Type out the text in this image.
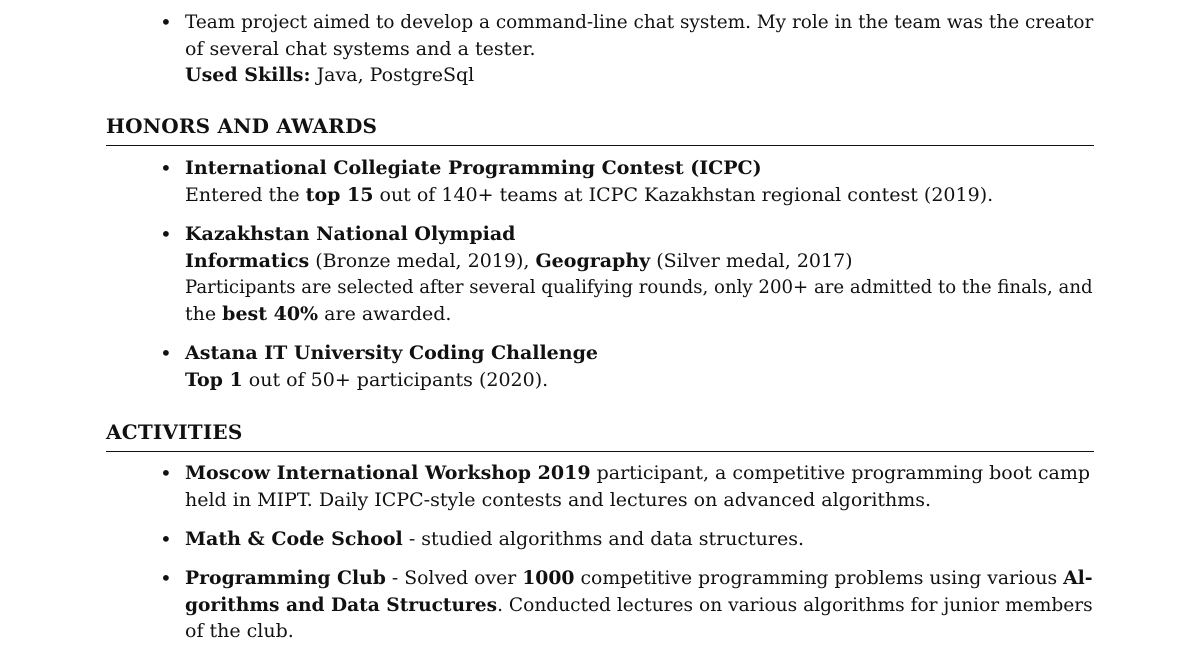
• Team project aimed to develop a command-line chat system. My role in the team was the creator
of several chat systems and a tester.
Used Skills: Java, PostgreSql
HONORS AND AWARDS
• International Collegiate Programming Contest (ICPC)
Entered the top 15 out of 140+ teams at ICPC Kazakhstan regional contest (2019).
• Kazakhstan National Olympiad
Informatics (Bronze medal, 2019), Geography (Silver medal, 2017)
Participants are selected after several qualifying rounds, only 200+ are admitted to the finals, and
the best 40% are awarded.
• Astana IT University Coding Challenge
Top 1 out of 50+ participants (2020).
ACTIVITIES
• Moscow International Workshop 2019 participant, a competitive programming boot camp
held in MIPT. Daily ICPC-style contests and lectures on advanced algorithms.
• Math & Code School - studied algorithms and data structures.
• Programming Club - Solved over 1000 competitive programming problems using various Al-
gorithms and Data Structures. Conducted lectures on various algorithms for junior members
of the club.
